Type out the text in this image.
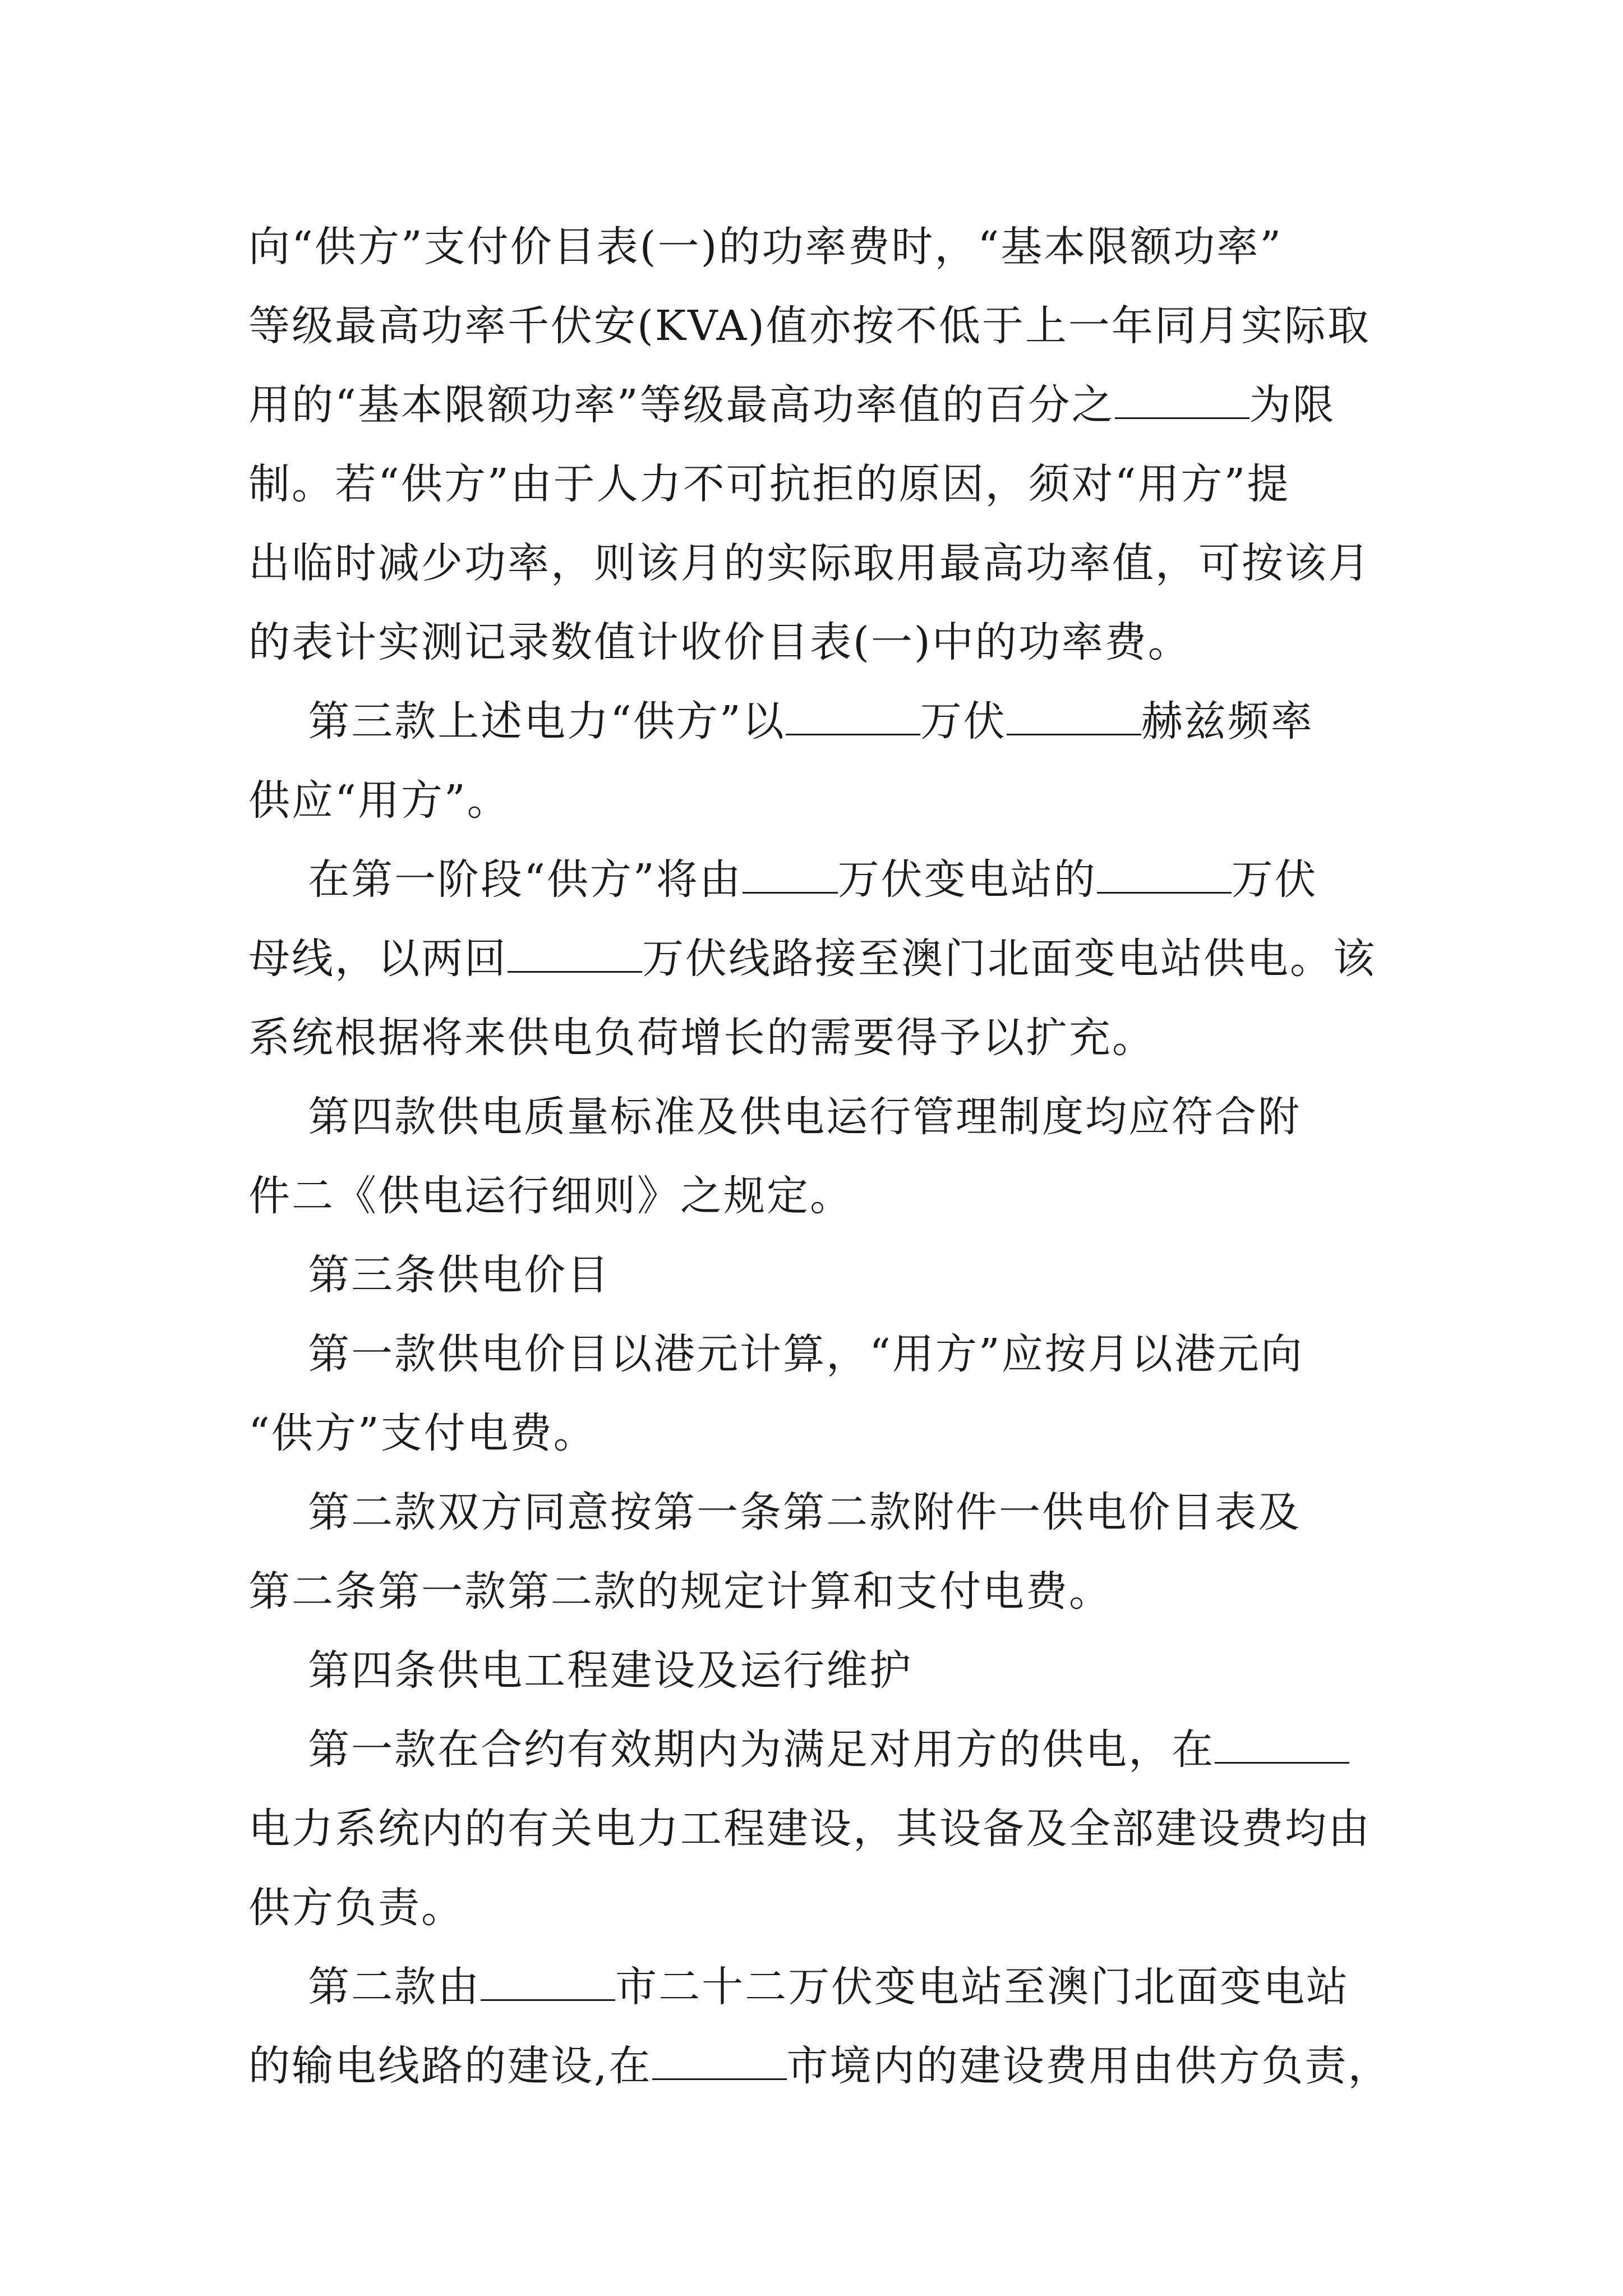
向“供方”支付价目表(一)的功率费时，“基本限额功率”
等级最高功率千伏安(KVA)值亦按不低于上一年同月实际取
用的“基本限额功率”等级最高功率值的百分之	为限
制。若“供方”由于人力不可抗拒的原因，须对“用方”提
出临时减少功率，则该月的实际取用最高功率值，可按该月
的表计实测记录数值计收价目表(一)中的功率费。
第三款上述电力“供方”以	万伏	赫兹频率
供应“用方”。
在第一阶段“供方”将由 万伏变电站的	万伏
母线，以两回	万伏线路接至澳门北面变电站供电。该
系统根据将来供电负荷增长的需要得予以扩充。
第四款供电质量标准及供电运行管理制度均应符合附
件二《供电运行细则》之规定。
第三条供电价目
第一款供电价目以港元计算，“用方”应按月以港元向
“供方”支付电费。
第二款双方同意按第一条第二款附件一供电价目表及
第二条第一款第二款的规定计算和支付电费。
第四条供电工程建设及运行维护
第一款在合约有效期内为满足对用方的供电，在
电力系统内的有关电力工程建设，其设备及全部建设费均由
供方负责。
第二款由	市二十二万伏变电站至澳门北面变电站
的输电线路的建设,在	市境内的建设费用由供方负责，
